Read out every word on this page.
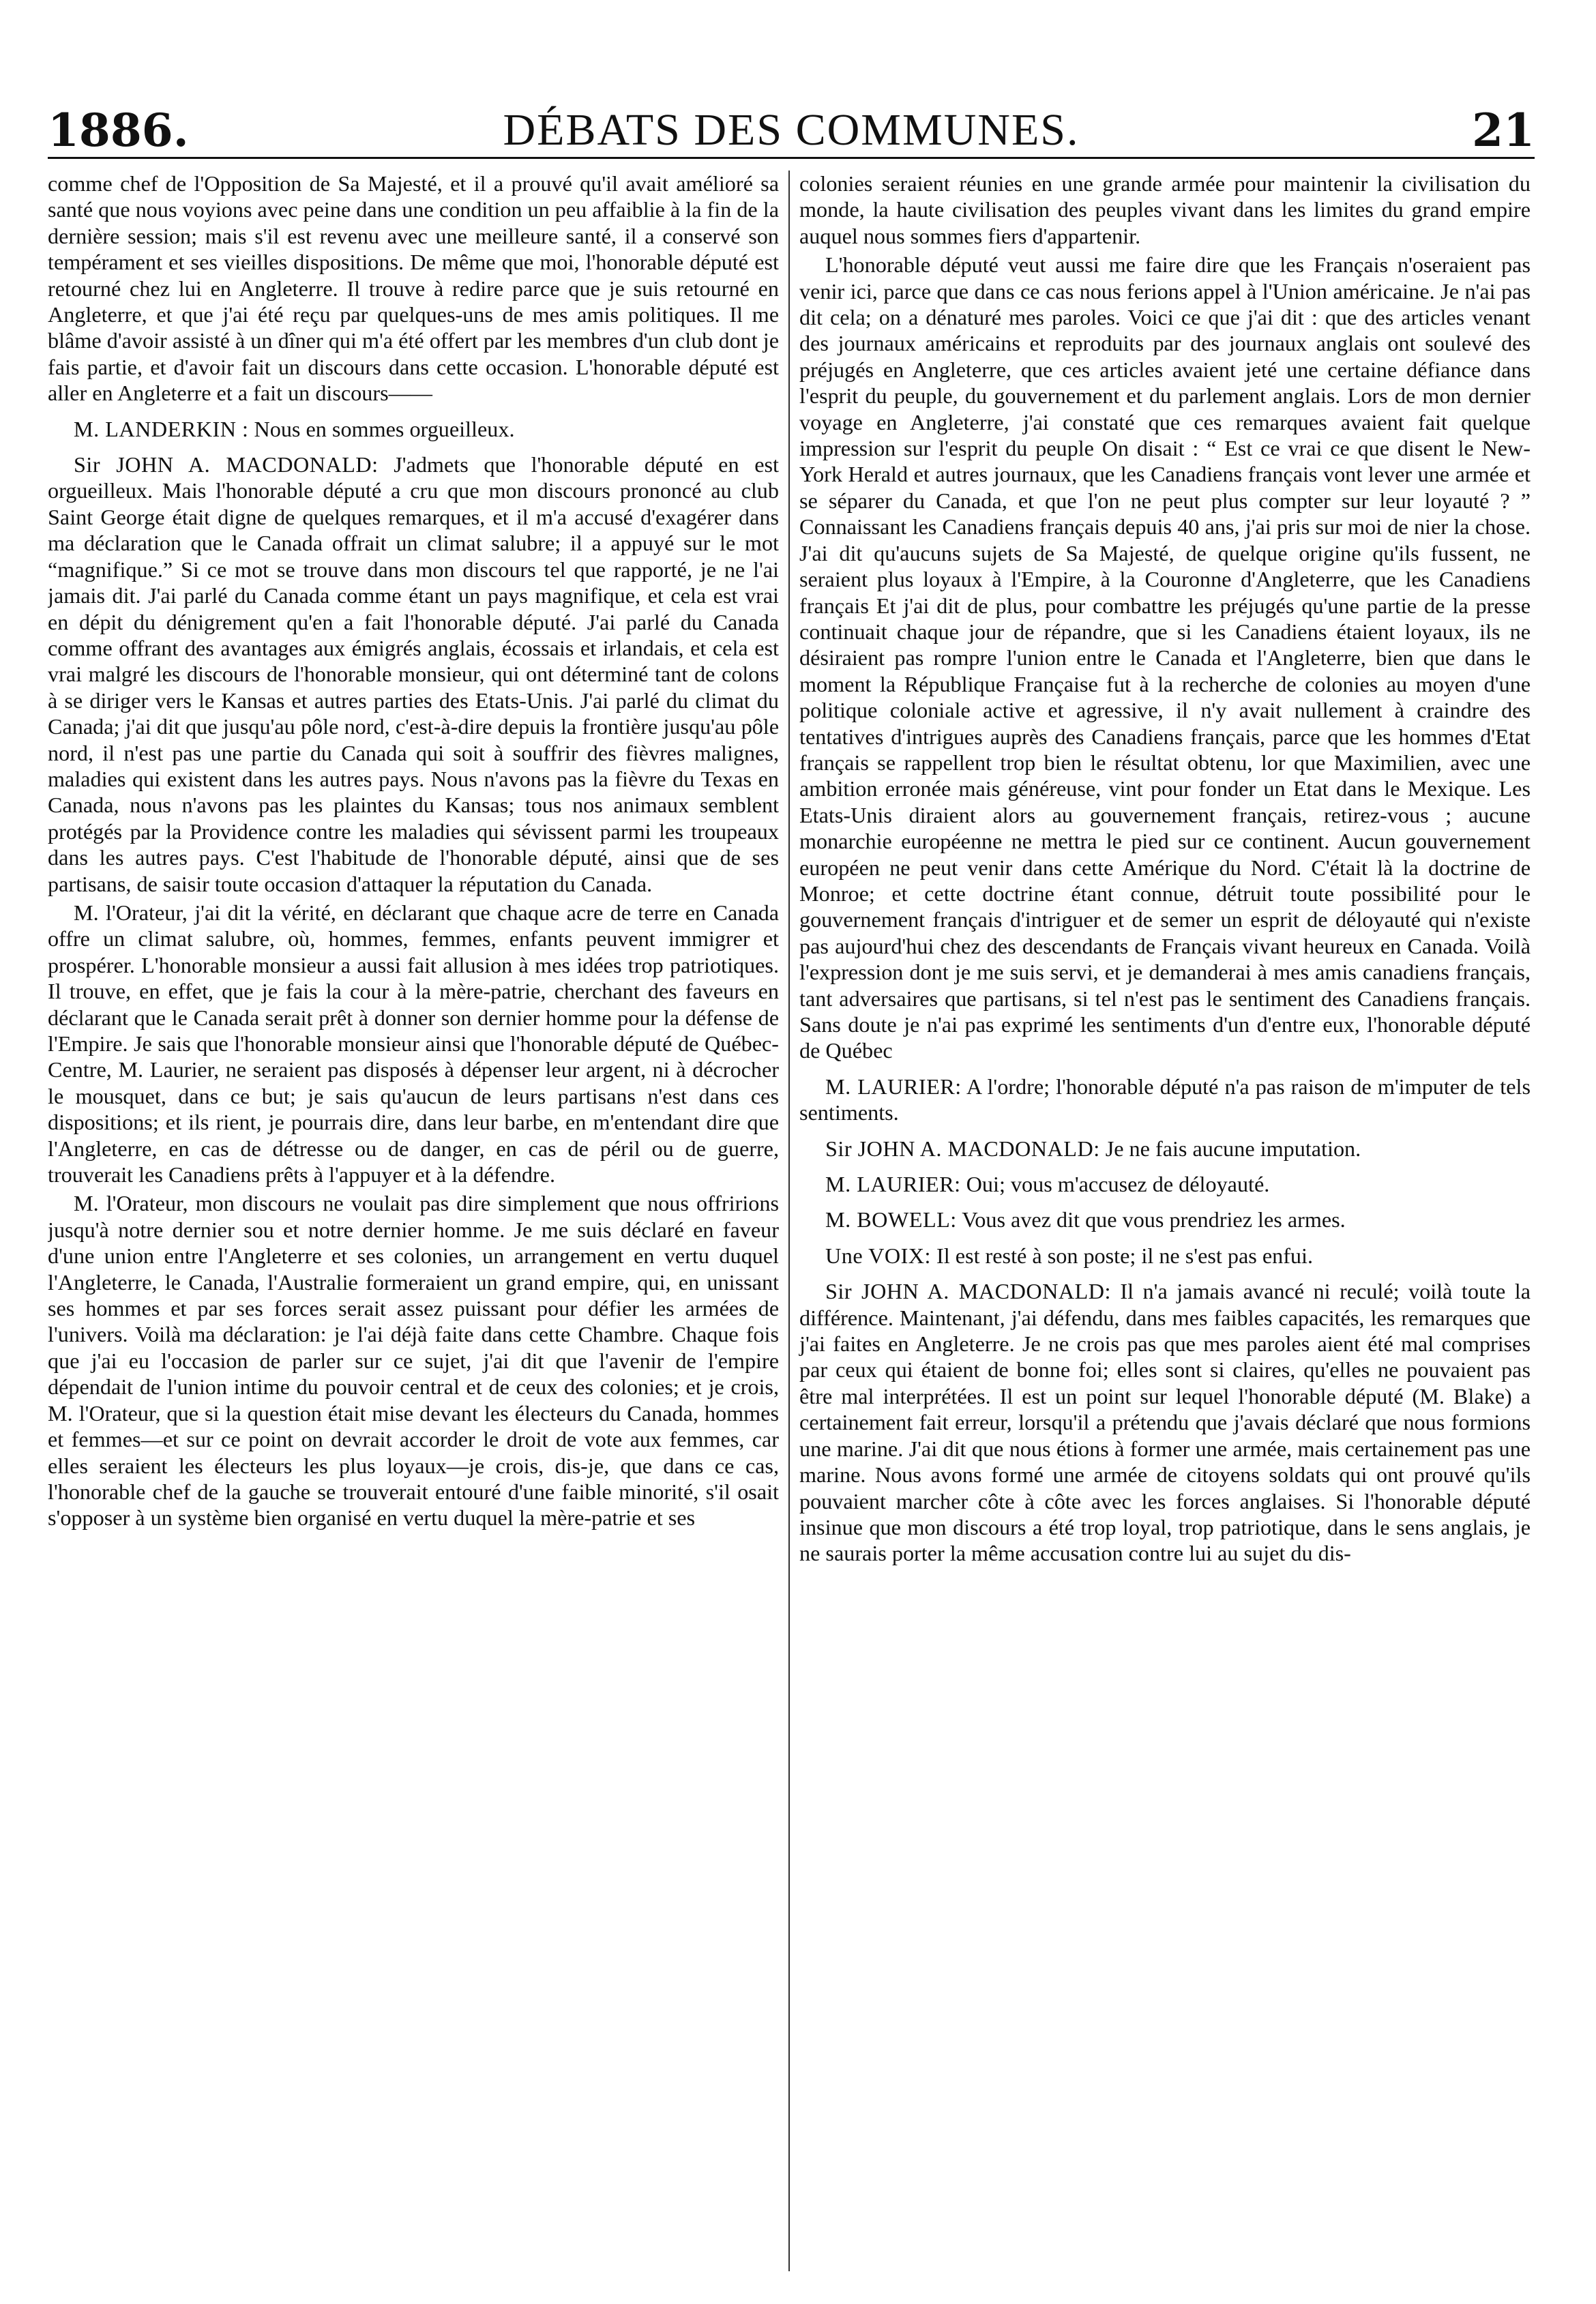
1886.	DÉBATS DES COMMUNES.	21

comme chef de l'Opposition de Sa Majesté, et il a prouvé qu'il avait amélioré sa santé que nous voyions avec peine dans une condition un peu affaiblie à la fin de la dernière session; mais s'il est revenu avec une meilleure santé, il a conservé son tempérament et ses vieilles dispositions. De même que moi, l'honorable député est retourné chez lui en Angleterre. Il trouve à redire parce que je suis retourné en Angleterre, et que j'ai été reçu par quelques-uns de mes amis politiques. Il me blâme d'avoir assisté à un dîner qui m'a été offert par les membres d'un club dont je fais partie, et d'avoir fait un discours dans cette occasion. L'honorable député est aller en Angleterre et a fait un discours——

M. LANDERKIN : Nous en sommes orgueilleux.

Sir JOHN A. MACDONALD: J'admets que l'honorable député en est orgueilleux. Mais l'honorable député a cru que mon discours prononcé au club Saint George était digne de quelques remarques, et il m'a accusé d'exagérer dans ma déclaration que le Canada offrait un climat salubre; il a appuyé sur le mot “magnifique.” Si ce mot se trouve dans mon discours tel que rapporté, je ne l'ai jamais dit. J'ai parlé du Canada comme étant un pays magnifique, et cela est vrai en dépit du dénigrement qu'en a fait l'honorable député. J'ai parlé du Canada comme offrant des avantages aux émigrés anglais, écossais et irlandais, et cela est vrai malgré les discours de l'honorable monsieur, qui ont déterminé tant de colons à se diriger vers le Kansas et autres parties des Etats-Unis. J'ai parlé du climat du Canada; j'ai dit que jusqu'au pôle nord, c'est-à-dire depuis la frontière jusqu'au pôle nord, il n'est pas une partie du Canada qui soit à souffrir des fièvres malignes, maladies qui existent dans les autres pays. Nous n'avons pas la fièvre du Texas en Canada, nous n'avons pas les plaintes du Kansas; tous nos animaux semblent protégés par la Providence contre les maladies qui sévissent parmi les troupeaux dans les autres pays. C'est l'habitude de l'honorable député, ainsi que de ses partisans, de saisir toute occasion d'attaquer la réputation du Canada.

M. l'Orateur, j'ai dit la vérité, en déclarant que chaque acre de terre en Canada offre un climat salubre, où, hommes, femmes, enfants peuvent immigrer et prospérer. L'honorable monsieur a aussi fait allusion à mes idées trop patriotiques. Il trouve, en effet, que je fais la cour à la mère-patrie, cherchant des faveurs en déclarant que le Canada serait prêt à donner son dernier homme pour la défense de l'Empire. Je sais que l'honorable monsieur ainsi que l'honorable député de Québec-Centre, M. Laurier, ne seraient pas disposés à dépenser leur argent, ni à décrocher le mousquet, dans ce but; je sais qu'aucun de leurs partisans n'est dans ces dispositions; et ils rient, je pourrais dire, dans leur barbe, en m'entendant dire que l'Angleterre, en cas de détresse ou de danger, en cas de péril ou de guerre, trouverait les Canadiens prêts à l'appuyer et à la défendre.

M. l'Orateur, mon discours ne voulait pas dire simplement que nous offririons jusqu'à notre dernier sou et notre dernier homme. Je me suis déclaré en faveur d'une union entre l'Angleterre et ses colonies, un arrangement en vertu duquel l'Angleterre, le Canada, l'Australie formeraient un grand empire, qui, en unissant ses hommes et par ses forces serait assez puissant pour défier les armées de l'univers. Voilà ma déclaration: je l'ai déjà faite dans cette Chambre. Chaque fois que j'ai eu l'occasion de parler sur ce sujet, j'ai dit que l'avenir de l'empire dépendait de l'union intime du pouvoir central et de ceux des colonies; et je crois, M. l'Orateur, que si la question était mise devant les électeurs du Canada, hommes et femmes—et sur ce point on devrait accorder le droit de vote aux femmes, car elles seraient les électeurs les plus loyaux—je crois, dis-je, que dans ce cas, l'honorable chef de la gauche se trouverait entouré d'une faible minorité, s'il osait s'opposer à un système bien organisé en vertu duquel la mère-patrie et ses

colonies seraient réunies en une grande armée pour maintenir la civilisation du monde, la haute civilisation des peuples vivant dans les limites du grand empire auquel nous sommes fiers d'appartenir.

L'honorable député veut aussi me faire dire que les Français n'oseraient pas venir ici, parce que dans ce cas nous ferions appel à l'Union américaine. Je n'ai pas dit cela; on a dénaturé mes paroles. Voici ce que j'ai dit : que des articles venant des journaux américains et reproduits par des journaux anglais ont soulevé des préjugés en Angleterre, que ces articles avaient jeté une certaine défiance dans l'esprit du peuple, du gouvernement et du parlement anglais. Lors de mon dernier voyage en Angleterre, j'ai constaté que ces remarques avaient fait quelque impression sur l'esprit du peuple On disait : “ Est ce vrai ce que disent le New-York Herald et autres journaux, que les Canadiens français vont lever une armée et se séparer du Canada, et que l'on ne peut plus compter sur leur loyauté ? ” Connaissant les Canadiens français depuis 40 ans, j'ai pris sur moi de nier la chose. J'ai dit qu'aucuns sujets de Sa Majesté, de quelque origine qu'ils fussent, ne seraient plus loyaux à l'Empire, à la Couronne d'Angleterre, que les Canadiens français Et j'ai dit de plus, pour combattre les préjugés qu'une partie de la presse continuait chaque jour de répandre, que si les Canadiens étaient loyaux, ils ne désiraient pas rompre l'union entre le Canada et l'Angleterre, bien que dans le moment la République Française fut à la recherche de colonies au moyen d'une politique coloniale active et agressive, il n'y avait nullement à craindre des tentatives d'intrigues auprès des Canadiens français, parce que les hommes d'Etat français se rappellent trop bien le résultat obtenu, lor que Maximilien, avec une ambition erronée mais généreuse, vint pour fonder un Etat dans le Mexique. Les Etats-Unis diraient alors au gouvernement français, retirez-vous ; aucune monarchie européenne ne mettra le pied sur ce continent. Aucun gouvernement européen ne peut venir dans cette Amérique du Nord. C'était là la doctrine de Monroe; et cette doctrine étant connue, détruit toute possibilité pour le gouvernement français d'intriguer et de semer un esprit de déloyauté qui n'existe pas aujourd'hui chez des descendants de Français vivant heureux en Canada. Voilà l'expression dont je me suis servi, et je demanderai à mes amis canadiens français, tant adversaires que partisans, si tel n'est pas le sentiment des Canadiens français. Sans doute je n'ai pas exprimé les sentiments d'un d'entre eux, l'honorable député de Québec

M. LAURIER: A l'ordre; l'honorable député n'a pas raison de m'imputer de tels sentiments.

Sir JOHN A. MACDONALD: Je ne fais aucune imputation.

M. LAURIER: Oui; vous m'accusez de déloyauté.

M. BOWELL: Vous avez dit que vous prendriez les armes.

Une VOIX: Il est resté à son poste; il ne s'est pas enfui.

Sir JOHN A. MACDONALD: Il n'a jamais avancé ni reculé; voilà toute la différence. Maintenant, j'ai défendu, dans mes faibles capacités, les remarques que j'ai faites en Angleterre. Je ne crois pas que mes paroles aient été mal comprises par ceux qui étaient de bonne foi; elles sont si claires, qu'elles ne pouvaient pas être mal interprétées. Il est un point sur lequel l'honorable député (M. Blake) a certainement fait erreur, lorsqu'il a prétendu que j'avais déclaré que nous formions une marine. J'ai dit que nous étions à former une armée, mais certainement pas une marine. Nous avons formé une armée de citoyens soldats qui ont prouvé qu'ils pouvaient marcher côte à côte avec les forces anglaises. Si l'honorable député insinue que mon discours a été trop loyal, trop patriotique, dans le sens anglais, je ne saurais porter la même accusation contre lui au sujet du dis-
